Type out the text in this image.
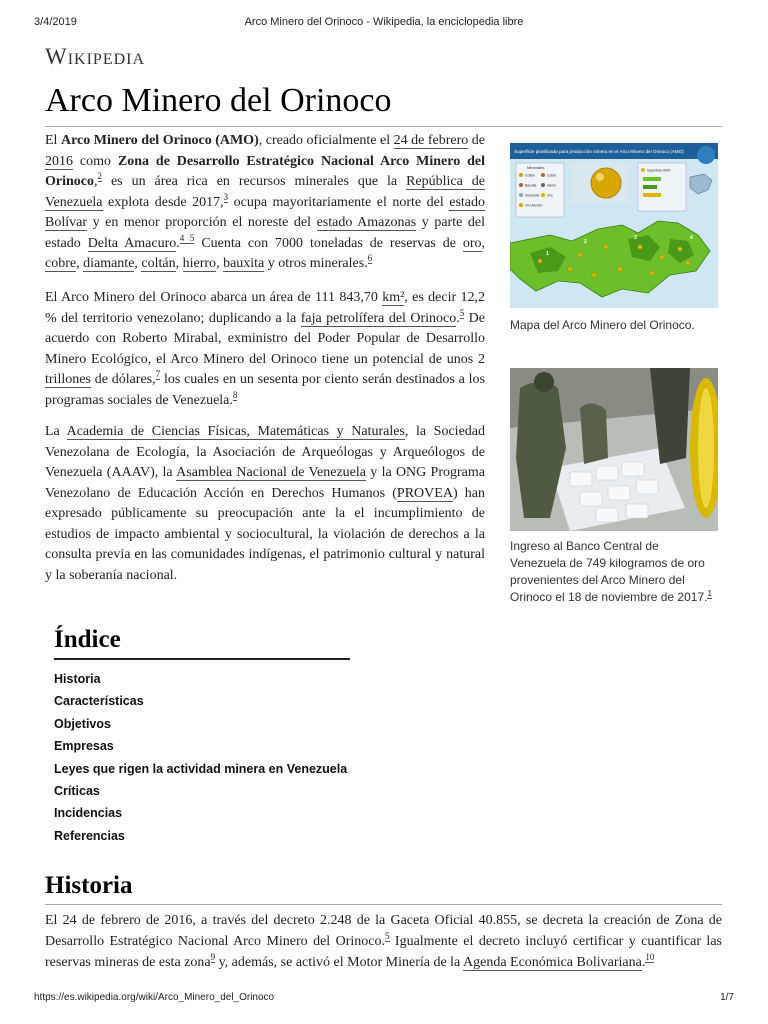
3/4/2019	Arco Minero del Orinoco - Wikipedia, la enciclopedia libre
Wikipedia
Arco Minero del Orinoco

El Arco Minero del Orinoco (AMO), creado oficialmente el 24 de febrero de 2016 como Zona de Desarrollo Estratégico Nacional Arco Minero del Orinoco,$^2$ es un área rica en recursos minerales que la República de Venezuela explota desde 2017,$^3$ ocupa mayoritariamente el norte del estado Bolívar y en menor proporción el noreste del estado Amazonas y parte del estado Delta Amacuro.$^{4 5}$ Cuenta con 7000 toneladas de reservas de oro, cobre, diamante, coltán, hierro, bauxita y otros minerales.$^6$

El Arco Minero del Orinoco abarca un área de 111 843,70 km², es decir 12,2 % del territorio venezolano; duplicando a la faja petrolífera del Orinoco.$^5$ De acuerdo con Roberto Mirabal, exministro del Poder Popular de Desarrollo Minero Ecológico, el Arco Minero del Orinoco tiene un potencial de unos 2 trillones de dólares,$^7$ los cuales en un sesenta por ciento serán destinados a los programas sociales de Venezuela.$^8$

La Academia de Ciencias Físicas, Matemáticas y Naturales, la Sociedad Venezolana de Ecología, la Asociación de Arqueólogas y Arqueólogos de Venezuela (AAAV), la Asamblea Nacional de Venezuela y la ONG Programa Venezolano de Educación Acción en Derechos Humanos (PROVEA) han expresado públicamente su preocupación ante la el incumplimiento de estudios de impacto ambiental y sociocultural, la violación de derechos a la consulta previa en las comunidades indígenas, el patrimonio cultural y natural y la soberanía nacional.

Superficie planificada para producción minera en el Arco Minero del Orinoco (AMO)
Minerales
Coltan	Cobre
Bauxita	Hierro
Diamante Oro
Oro Aluvión
Superficie AMO
1
2
3	4
Mapa del Arco Minero del Orinoco.
Ingreso al Banco Central de Venezuela de 749 kilogramos de oro provenientes del Arco Minero del Orinoco el 18 de noviembre de 2017.$^1$
Índice
Historia
Características
Objetivos
Empresas
Leyes que rigen la actividad minera en Venezuela
Críticas
Incidencias
Referencias
Historia

El 24 de febrero de 2016, a través del decreto 2.248 de la Gaceta Oficial 40.855, se decreta la creación de Zona de Desarrollo Estratégico Nacional Arco Minero del Orinoco.$^5$ Igualmente el decreto incluyó certificar y cuantificar las reservas mineras de esta zona$^9$ y, además, se activó el Motor Minería de la Agenda Económica Bolivariana.$^{10}$

https://es.wikipedia.org/wiki/Arco_Minero_del_Orinoco	1/7
